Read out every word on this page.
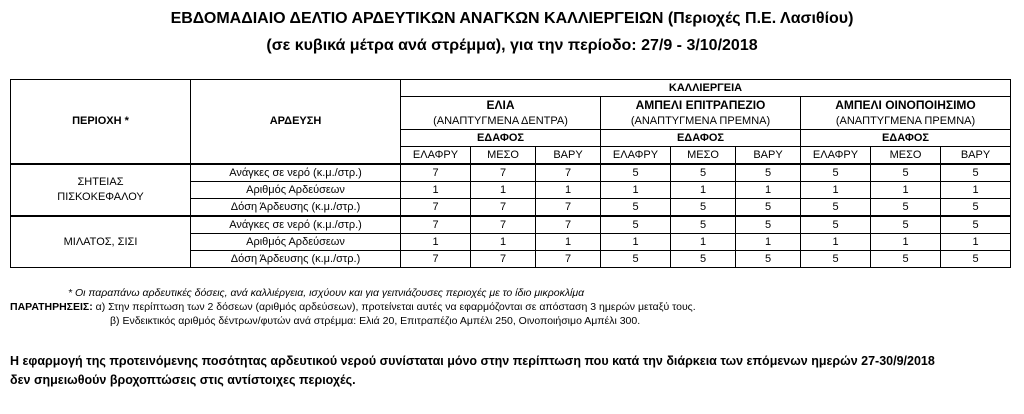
ΕΒΔΟΜΑΔΙΑΙΟ ΔΕΛΤΙΟ ΑΡΔΕΥΤΙΚΩΝ ΑΝΑΓΚΩΝ ΚΑΛΛΙΕΡΓΕΙΩΝ (Περιοχές Π.Ε. Λασιθίου)
(σε κυβικά μέτρα ανά στρέμμα), για την περίοδο: 27/9 - 3/10/2018
ΠΕΡΙΟΧΗ *	ΑΡΔΕΥΣΗ	ΚΑΛΛΙΕΡΓΕΙΑ								
		ΕΛΙΑ			ΑΜΠΕΛΙ ΕΠΙΤΡΑΠΕΖΙΟ			ΑΜΠΕΛΙ ΟΙΝΟΠΟΙΗΣΙΜΟ		
		(ΑΝΑΠΤΥΓΜΕΝΑ ΔΕΝΤΡΑ)			(ΑΝΑΠΤΥΓΜΕΝΑ ΠΡΕΜΝΑ)			(ΑΝΑΠΤΥΓΜΕΝΑ ΠΡΕΜΝΑ)		
		ΕΔΑΦΟΣ			ΕΔΑΦΟΣ			ΕΔΑΦΟΣ		
		ΕΛΑΦΡΥ	ΜΕΣΟ	ΒΑΡΥ	ΕΛΑΦΡΥ	ΜΕΣΟ	ΒΑΡΥ	ΕΛΑΦΡΥ	ΜΕΣΟ	ΒΑΡΥ

ΣΗΤΕΙΑΣ
ΠΙΣΚΟΚΕΦΑΛΟΥ	Ανάγκες σε νερό (κ.μ./στρ.)	7	7	7	5	5	5	5	5	5
	Αριθμός Αρδεύσεων	1	1	1	1	1	1	1	1	1
	Δόση Άρδευσης (κ.μ./στρ.)	7	7	7	5	5	5	5	5	5

ΜΙΛΑΤΟΣ, ΣΙΣΙ	Ανάγκες σε νερό (κ.μ./στρ.)	7	7	7	5	5	5	5	5	5
	Αριθμός Αρδεύσεων	1	1	1	1	1	1	1	1	1
	Δόση Άρδευσης (κ.μ./στρ.)	7	7	7	5	5	5	5	5	5
* Οι παραπάνω αρδευτικές δόσεις, ανά καλλιέργεια, ισχύουν και για γειτνιάζουσες περιοχές με το ίδιο μικροκλίμα
ΠΑΡΑΤΗΡΗΣΕΙΣ: α) Στην περίπτωση των 2 δόσεων (αριθμός αρδεύσεων), προτείνεται αυτές να εφαρμόζονται σε απόσταση 3 ημερών μεταξύ τους.
β) Ενδεικτικός αριθμός δέντρων/φυτών ανά στρέμμα: Ελιά 20, Επιτραπέζιο Αμπέλι 250, Οινοποιήσιμο Αμπέλι 300.
Η εφαρμογή της προτεινόμενης ποσότητας αρδευτικού νερού συνίσταται μόνο στην περίπτωση που κατά την διάρκεια των επόμενων ημερών 27-30/9/2018
δεν σημειωθούν βροχοπτώσεις στις αντίστοιχες περιοχές.
